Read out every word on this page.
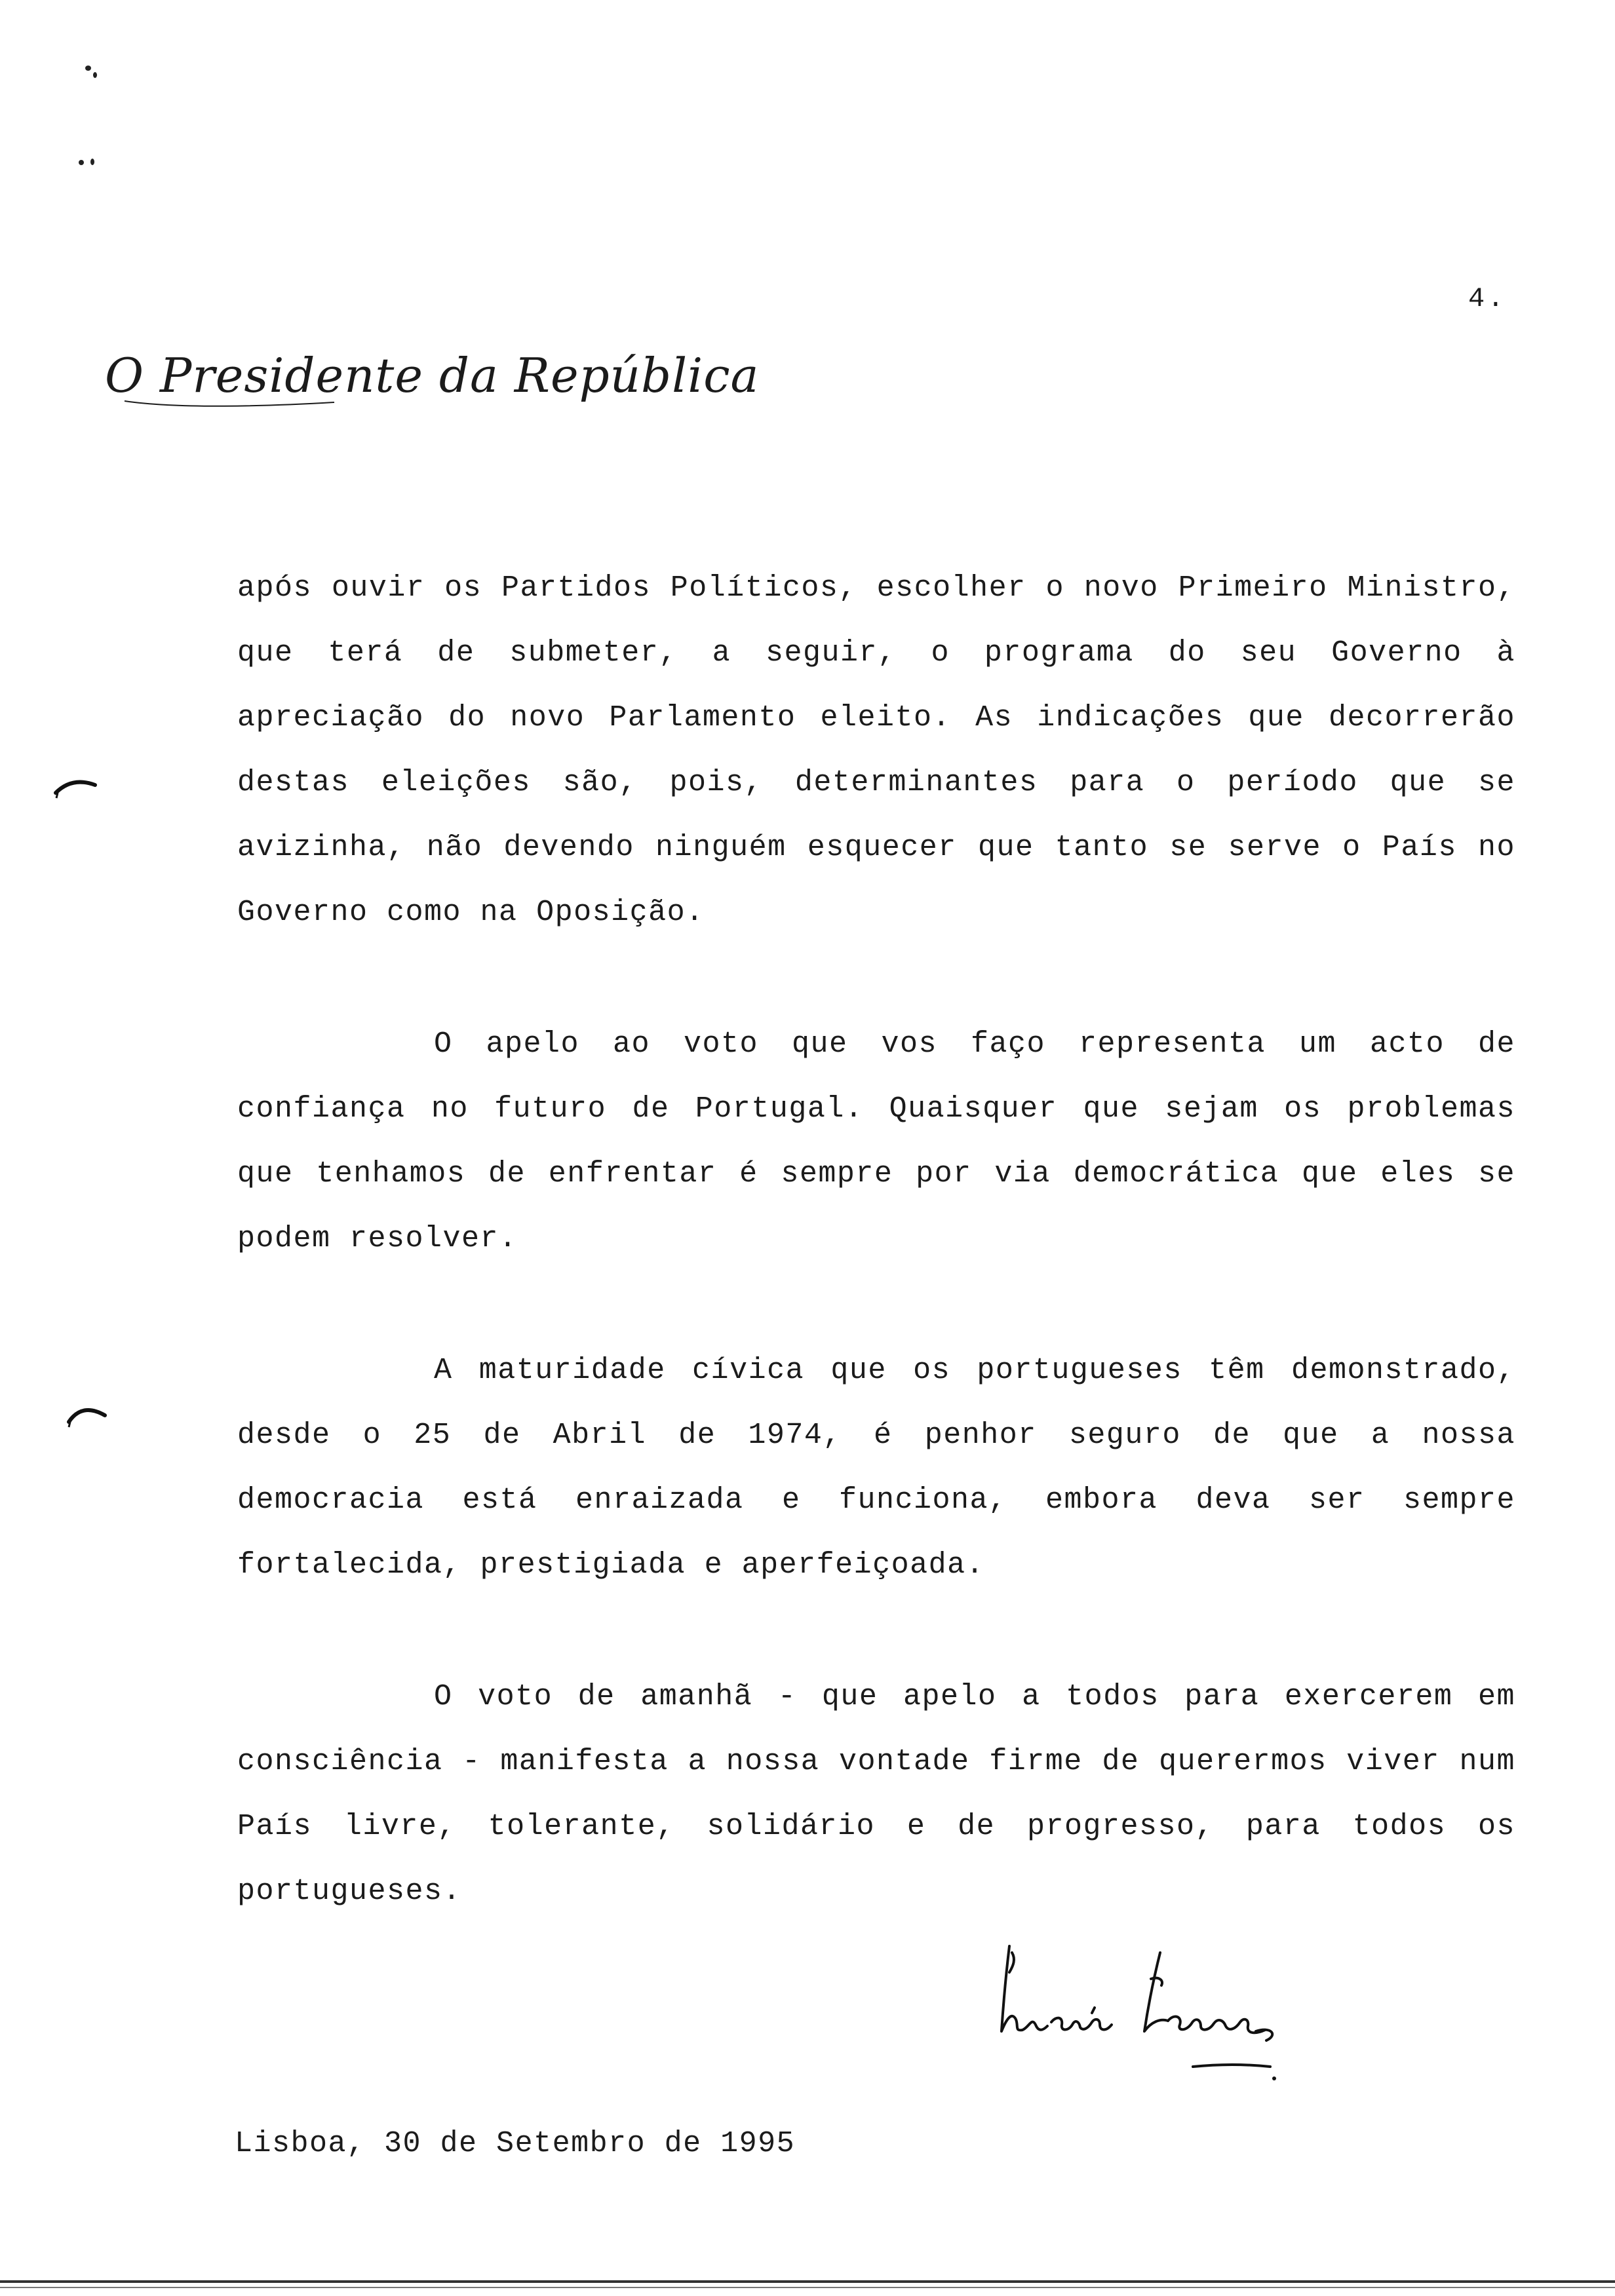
4.
O Presidente da República

após ouvir os Partidos Políticos, escolher o novo Primeiro Ministro, que terá de submeter, a seguir, o programa do seu Governo à apreciação do novo Parlamento eleito. As indicações que decorrerão destas eleições são, pois, determinantes para o período que se avizinha, não devendo ninguém esquecer que tanto se serve o País no Governo como na Oposição.

O apelo ao voto que vos faço representa um acto de confiança no futuro de Portugal. Quaisquer que sejam os problemas que tenhamos de enfrentar é sempre por via democrática que eles se podem resolver.

A maturidade cívica que os portugueses têm demonstrado, desde o 25 de Abril de 1974, é penhor seguro de que a nossa democracia está enraizada e funciona, embora deva ser sempre fortalecida, prestigiada e aperfeiçoada.

O voto de amanhã - que apelo a todos para exercerem em consciência - manifesta a nossa vontade firme de querermos viver num País livre, tolerante, solidário e de progresso, para todos os portugueses.

Lisboa, 30 de Setembro de 1995
